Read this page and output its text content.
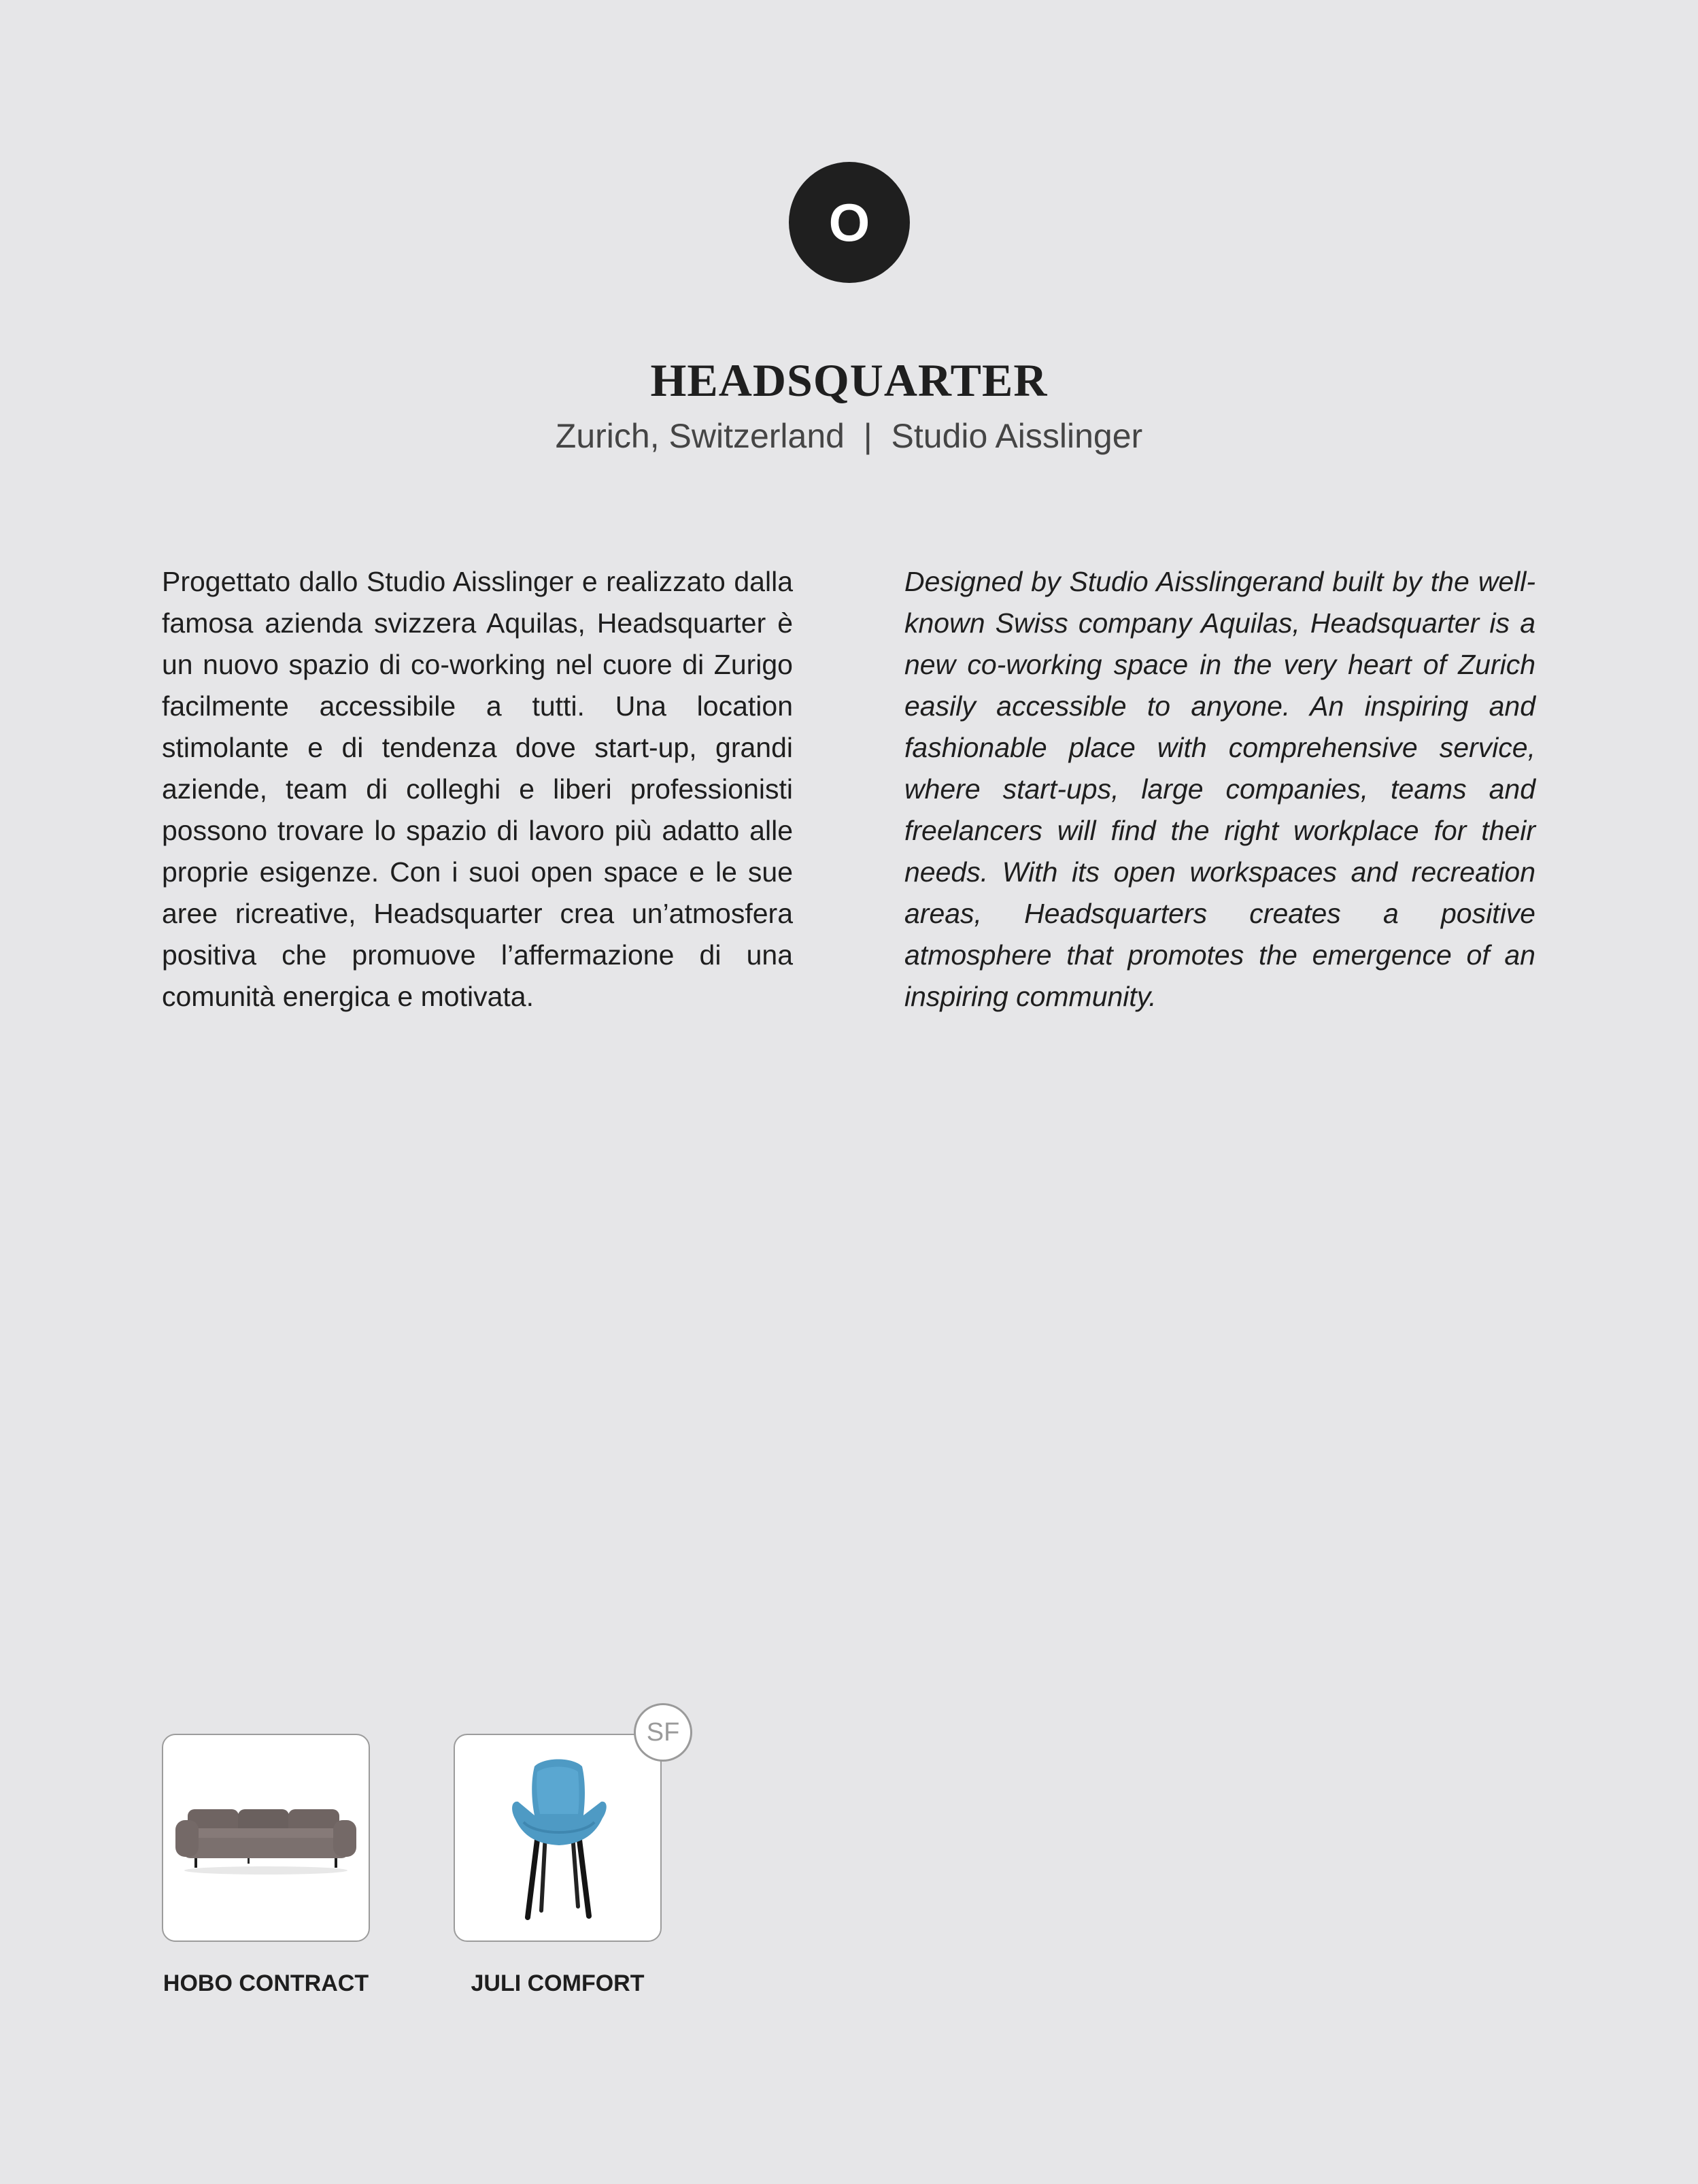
O
HEADSQUARTER
Zurich, Switzerland | Studio Aisslinger

Progettato dallo Studio Aisslinger e realizzato dalla famosa azienda svizzera Aquilas, Headsquarter è un nuovo spazio di co-working nel cuore di Zurigo facilmente accessibile a tutti. Una location stimolante e di tendenza dove start-up, grandi aziende, team di colleghi e liberi professionisti possono trovare lo spazio di lavoro più adatto alle proprie esigenze. Con i suoi open space e le sue aree ricreative, Headsquarter crea un’atmosfera positiva che promuove l’affermazione di una comunità energica e motivata.

Designed by Studio Aisslingerand built by the well-known Swiss company Aquilas, Headsquarter is a new co-working space in the very heart of Zurich easily accessible to anyone. An inspiring and fashionable place with comprehensive service, where start-ups, large companies, teams and freelancers will find the right workplace for their needs. With its open workspaces and recreation areas, Headsquarters creates a positive atmosphere that promotes the emergence of an inspiring community.

HOBO CONTRACT	JULI COMFORT
SF
